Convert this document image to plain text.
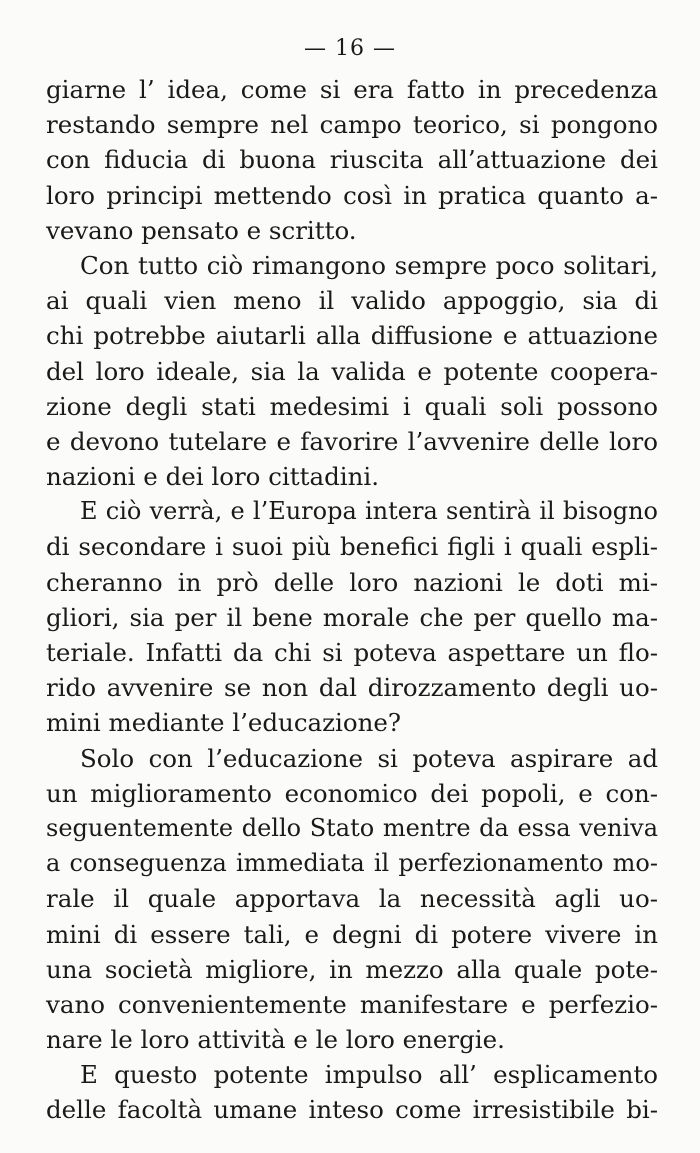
— 16 —
giarne l’ idea, come si era fatto in precedenza
restando sempre nel campo teorico, si pongono
con fiducia di buona riuscita all’attuazione dei
loro principi mettendo così in pratica quanto a-
vevano pensato e scritto.
Con tutto ciò rimangono sempre poco solitari,
ai quali vien meno il valido appoggio, sia di
chi potrebbe aiutarli alla diffusione e attuazione
del loro ideale, sia la valida e potente coopera-
zione degli stati medesimi i quali soli possono
e devono tutelare e favorire l’avvenire delle loro
nazioni e dei loro cittadini.
E ciò verrà, e l’Europa intera sentirà il bisogno
di secondare i suoi più benefici figli i quali espli-
cheranno in prò delle loro nazioni le doti mi-
gliori, sia per il bene morale che per quello ma-
teriale. Infatti da chi si poteva aspettare un flo-
rido avvenire se non dal dirozzamento degli uo-
mini mediante l’educazione?
Solo con l’educazione si poteva aspirare ad
un miglioramento economico dei popoli, e con-
seguentemente dello Stato mentre da essa veniva
a conseguenza immediata il perfezionamento mo-
rale il quale apportava la necessità agli uo-
mini di essere tali, e degni di potere vivere in
una società migliore, in mezzo alla quale pote-
vano convenientemente manifestare e perfezio-
nare le loro attività e le loro energie.
E questo potente impulso all’ esplicamento
delle facoltà umane inteso come irresistibile bi-
